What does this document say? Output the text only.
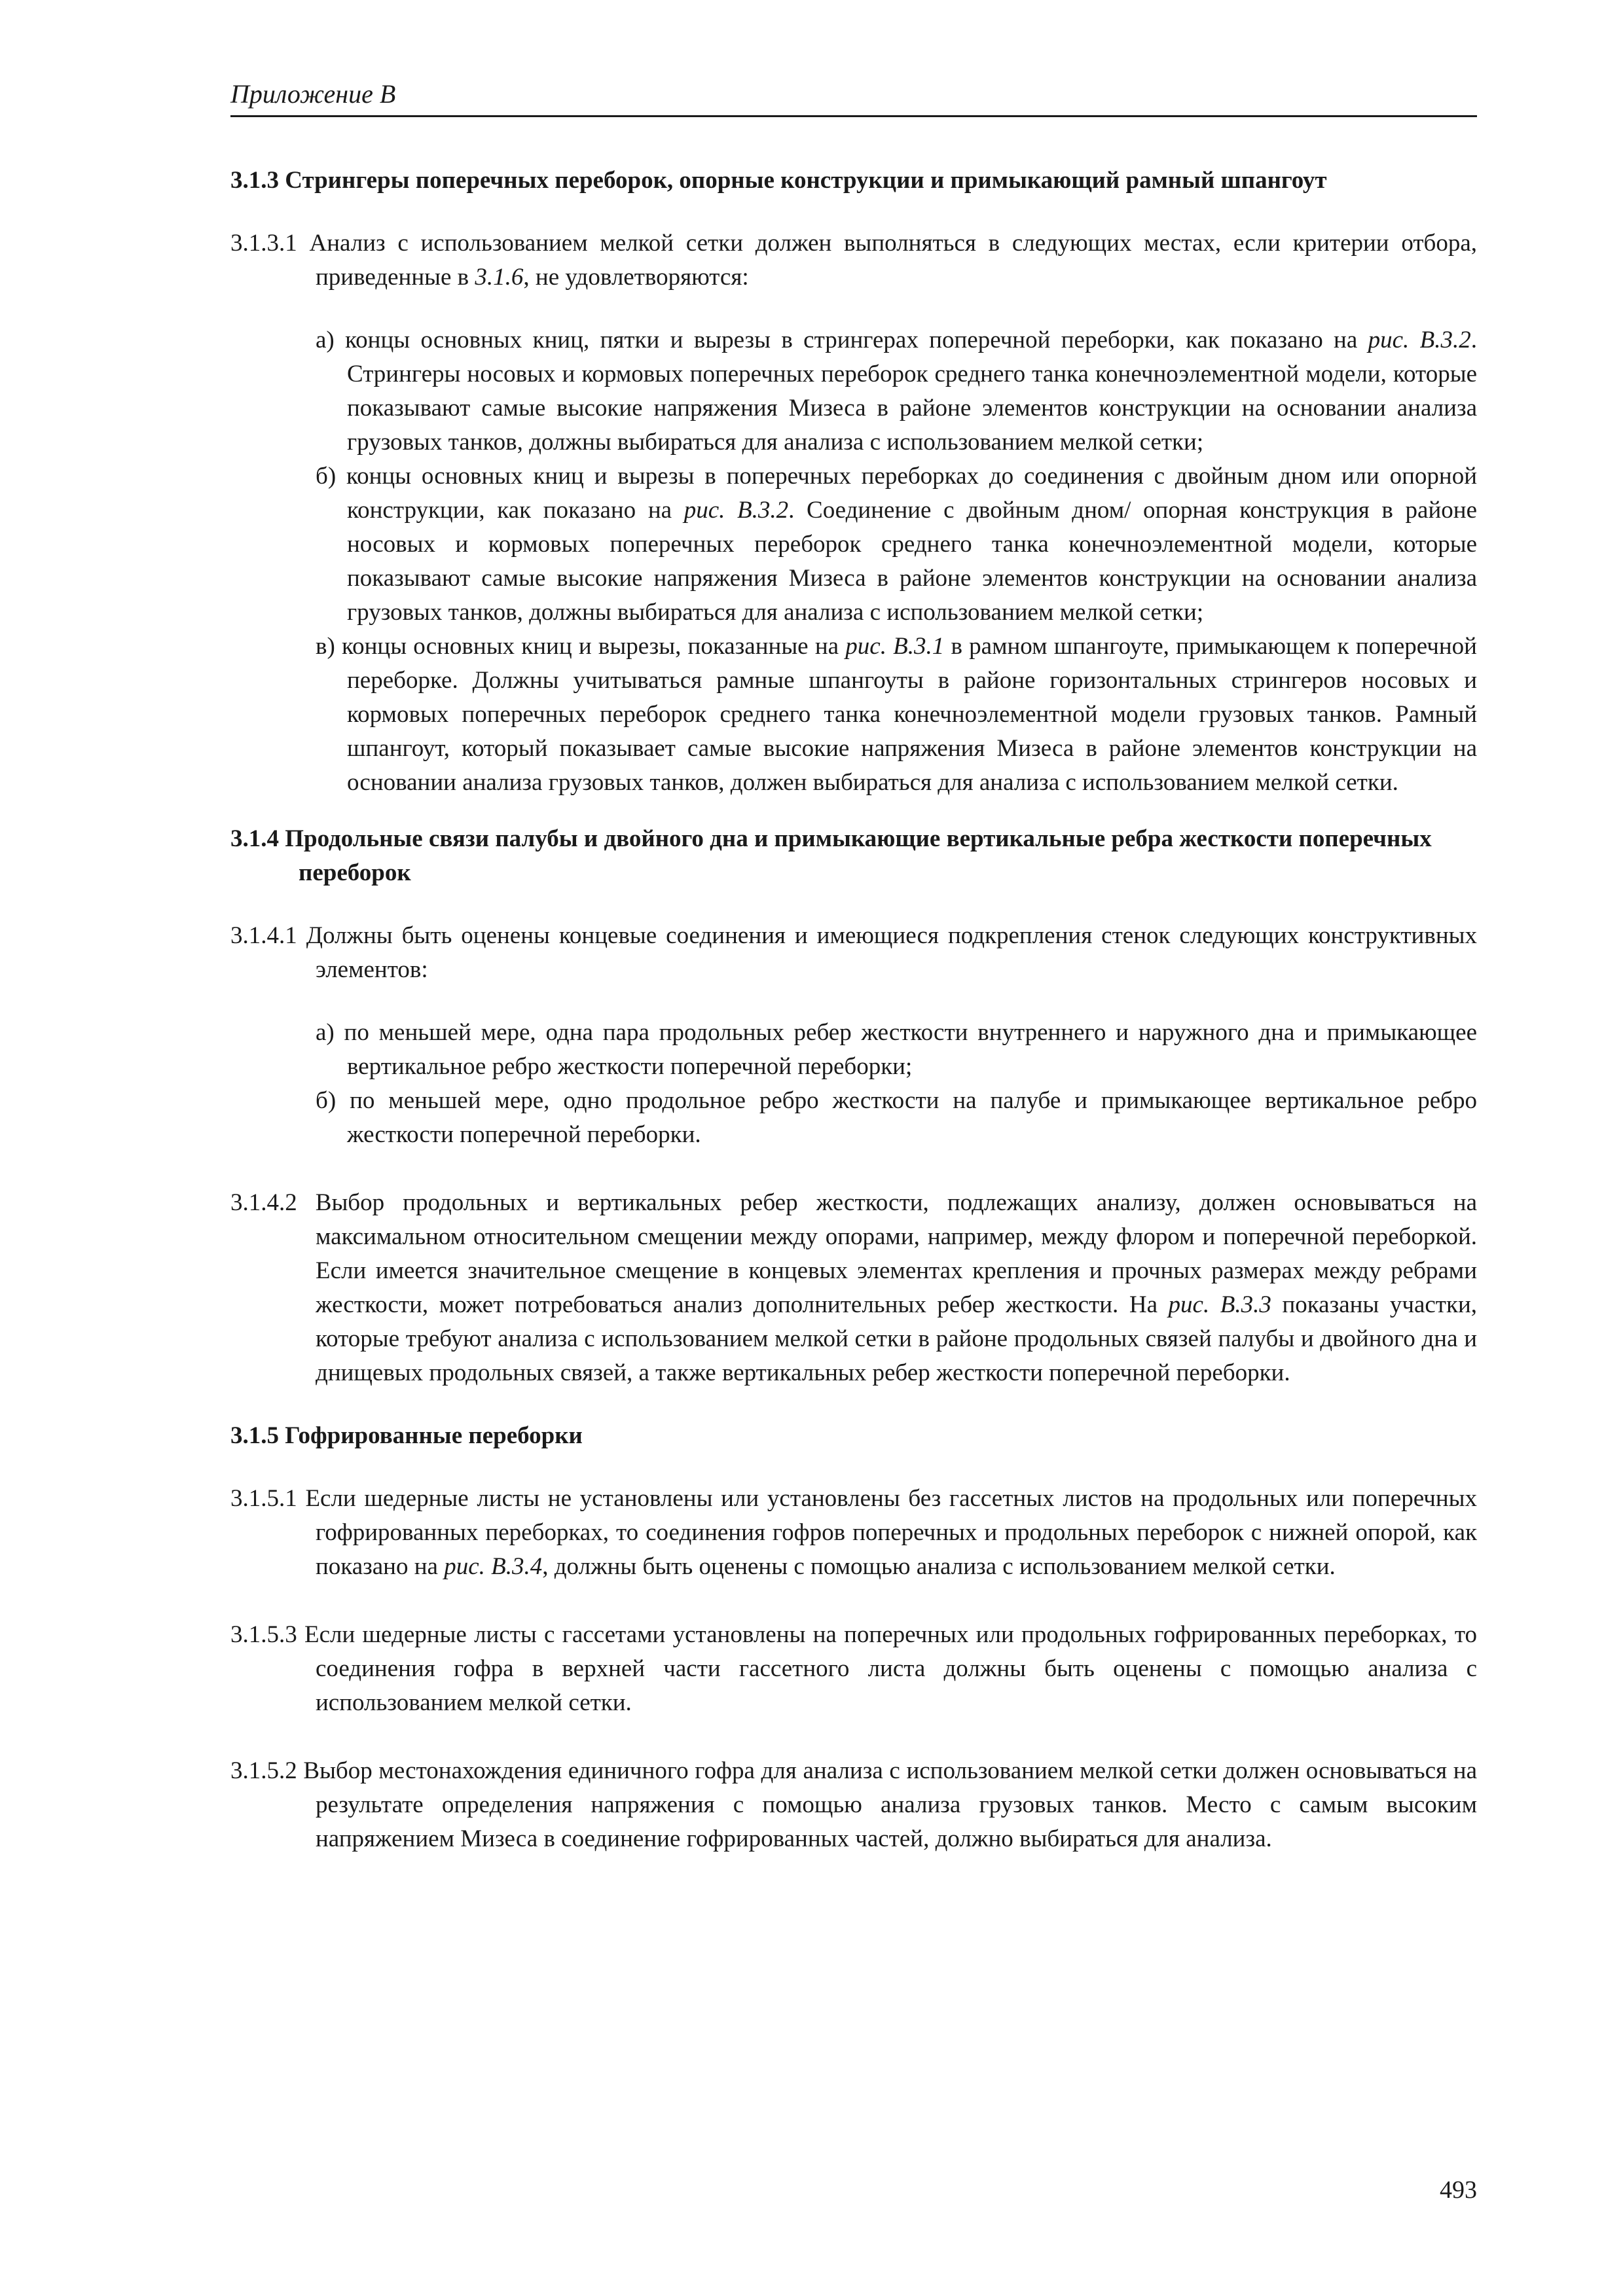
Приложение В

3.1.3 Стрингеры поперечных переборок, опорные конструкции и примыкающий рамный шпангоут

3.1.3.1 Анализ с использованием мелкой сетки должен выполняться в следующих местах, если критерии отбора, приведенные в 3.1.6, не удовлетворяются:

а) концы основных книц, пятки и вырезы в стрингерах поперечной переборки, как показано на рис. В.3.2. Стрингеры носовых и кормовых поперечных переборок среднего танка конечноэлементной модели, которые показывают самые высокие напряжения Мизеса в районе элементов конструкции на основании анализа грузовых танков, должны выбираться для анализа с использованием мелкой сетки;

б) концы основных книц и вырезы в поперечных переборках до соединения с двойным дном или опорной конструкции, как показано на рис. В.3.2. Соединение с двойным дном/ опорная конструкция в районе носовых и кормовых поперечных переборок среднего танка конечноэлементной модели, которые показывают самые высокие напряжения Мизеса в районе элементов конструкции на основании анализа грузовых танков, должны выбираться для анализа с использованием мелкой сетки;

в) концы основных книц и вырезы, показанные на рис. В.3.1 в рамном шпангоуте, примыкающем к поперечной переборке. Должны учитываться рамные шпангоуты в районе горизонтальных стрингеров носовых и кормовых поперечных переборок среднего танка конечноэлементной модели грузовых танков. Рамный шпангоут, который показывает самые высокие напряжения Мизеса в районе элементов конструкции на основании анализа грузовых танков, должен выбираться для анализа с использованием мелкой сетки.

3.1.4 Продольные связи палубы и двойного дна и примыкающие вертикальные ребра жесткости поперечных переборок

3.1.4.1 Должны быть оценены концевые соединения и имеющиеся подкрепления стенок следующих конструктивных элементов:

а) по меньшей мере, одна пара продольных ребер жесткости внутреннего и наружного дна и примыкающее вертикальное ребро жесткости поперечной переборки;

б) по меньшей мере, одно продольное ребро жесткости на палубе и примыкающее вертикальное ребро жесткости поперечной переборки.

3.1.4.2 Выбор продольных и вертикальных ребер жесткости, подлежащих анализу, должен основываться на максимальном относительном смещении между опорами, например, между флором и поперечной переборкой. Если имеется значительное смещение в концевых элементах крепления и прочных размерах между ребрами жесткости, может потребоваться анализ дополнительных ребер жесткости. На рис. В.3.3 показаны участки, которые требуют анализа с использованием мелкой сетки в районе продольных связей палубы и двойного дна и днищевых продольных связей, а также вертикальных ребер жесткости поперечной переборки.

3.1.5 Гофрированные переборки

3.1.5.1 Если шедерные листы не установлены или установлены без гассетных листов на продольных или поперечных гофрированных переборках, то соединения гофров поперечных и продольных переборок с нижней опорой, как показано на рис. В.3.4, должны быть оценены с помощью анализа с использованием мелкой сетки.

3.1.5.3 Если шедерные листы с гассетами установлены на поперечных или продольных гофрированных переборках, то соединения гофра в верхней части гассетного листа должны быть оценены с помощью анализа с использованием мелкой сетки.

3.1.5.2 Выбор местонахождения единичного гофра для анализа с использованием мелкой сетки должен основываться на результате определения напряжения с помощью анализа грузовых танков. Место с самым высоким напряжением Мизеса в соединение гофрированных частей, должно выбираться для анализа.

493
